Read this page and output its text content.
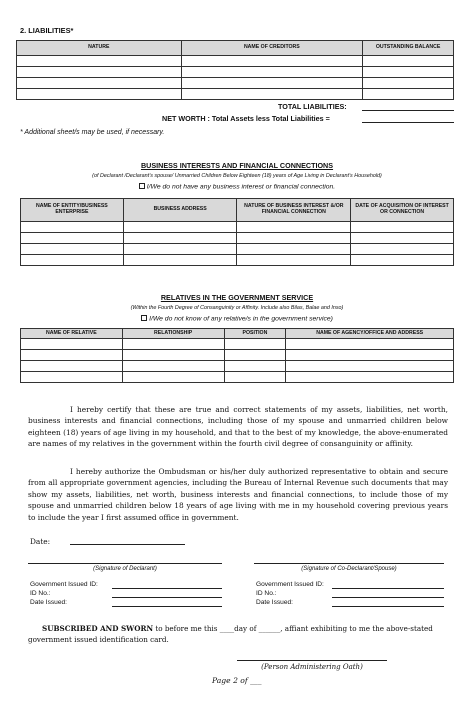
2. LIABILITIES*
NATURE	NAME OF CREDITORS	OUTSTANDING BALANCE

TOTAL LIABILITIES:
NET WORTH : Total Assets less Total Liabilities =
* Additional sheet/s may be used, if necessary.
BUSINESS INTERESTS AND FINANCIAL CONNECTIONS
(of Declarant /Declarant’s spouse/ Unmarried Children Below Eighteen (18) years of Age Living in Declarant’s Household)
I/We do not have any business interest or financial connection.
NAME OF ENTITY/BUSINESS ENTERPRISE	BUSINESS ADDRESS	NATURE OF BUSINESS INTEREST &/OR FINANCIAL CONNECTION	DATE OF ACQUISITION OF INTEREST OR CONNECTION

RELATIVES IN THE GOVERNMENT SERVICE
(Within the Fourth Degree of Consanguinity or Affinity. Include also Bilas, Balae and Inso)
I/We do not know of any relative/s in the government service)
NAME OF RELATIVE	RELATIONSHIP	POSITION	NAME OF AGENCY/OFFICE AND ADDRESS

I hereby certify that these are true and correct statements of my assets, liabilities, net worth, business interests and financial connections, including those of my spouse and unmarried children below eighteen (18) years of age living in my household, and that to the best of my knowledge, the above-enumerated are names of my relatives in the government within the fourth civil degree of consanguinity or affinity.
I hereby authorize the Ombudsman or his/her duly authorized representative to obtain and secure from all appropriate government agencies, including the Bureau of Internal Revenue such documents that may show my assets, liabilities, net worth, business interests and financial connections, to include those of my spouse and unmarried children below 18 years of age living with me in my household covering previous years to include the year I first assumed office in government.
Date:
(Signature of Declarant)	(Signature of Co-Declarant/Spouse)
Government Issued ID:
ID No.:
Date Issued:
Government Issued ID:
ID No.:
Date Issued:
SUBSCRIBED AND SWORN to before me this ____day of ______, affiant exhibiting to me the above-stated government issued identification card.
(Person Administering Oath)
Page 2 of ___
